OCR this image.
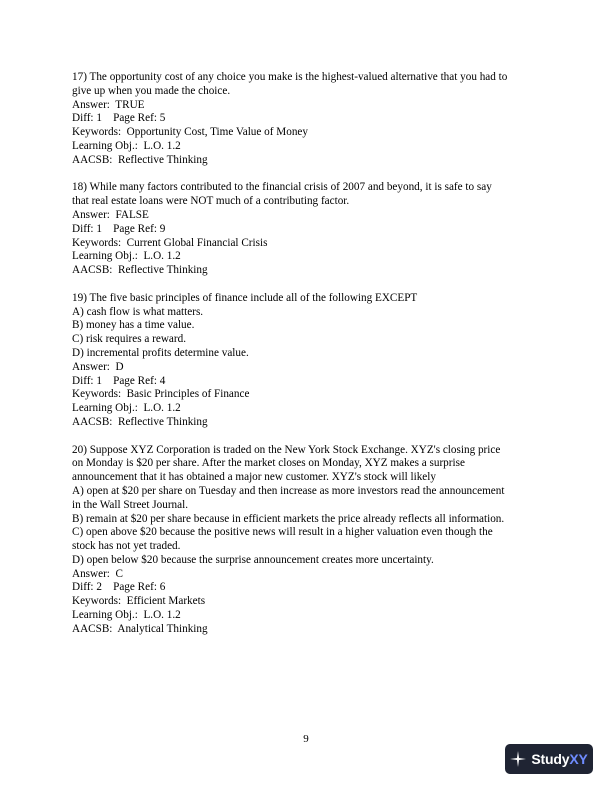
17) The opportunity cost of any choice you make is the highest-valued alternative that you had to
give up when you made the choice.
Answer:  TRUE
Diff: 1    Page Ref: 5
Keywords:  Opportunity Cost, Time Value of Money
Learning Obj.:  L.O. 1.2
AACSB:  Reflective Thinking
18) While many factors contributed to the financial crisis of 2007 and beyond, it is safe to say
that real estate loans were NOT much of a contributing factor.
Answer:  FALSE
Diff: 1    Page Ref: 9
Keywords:  Current Global Financial Crisis
Learning Obj.:  L.O. 1.2
AACSB:  Reflective Thinking
19) The five basic principles of finance include all of the following EXCEPT
A) cash flow is what matters.
B) money has a time value.
C) risk requires a reward.
D) incremental profits determine value.
Answer:  D
Diff: 1    Page Ref: 4
Keywords:  Basic Principles of Finance
Learning Obj.:  L.O. 1.2
AACSB:  Reflective Thinking
20) Suppose XYZ Corporation is traded on the New York Stock Exchange. XYZ's closing price
on Monday is $20 per share. After the market closes on Monday, XYZ makes a surprise
announcement that it has obtained a major new customer. XYZ's stock will likely
A) open at $20 per share on Tuesday and then increase as more investors read the announcement
in the Wall Street Journal.
B) remain at $20 per share because in efficient markets the price already reflects all information.
C) open above $20 because the positive news will result in a higher valuation even though the
stock has not yet traded.
D) open below $20 because the surprise announcement creates more uncertainty.
Answer:  C
Diff: 2    Page Ref: 6
Keywords:  Efficient Markets
Learning Obj.:  L.O. 1.2
AACSB:  Analytical Thinking
9
StudyXY
